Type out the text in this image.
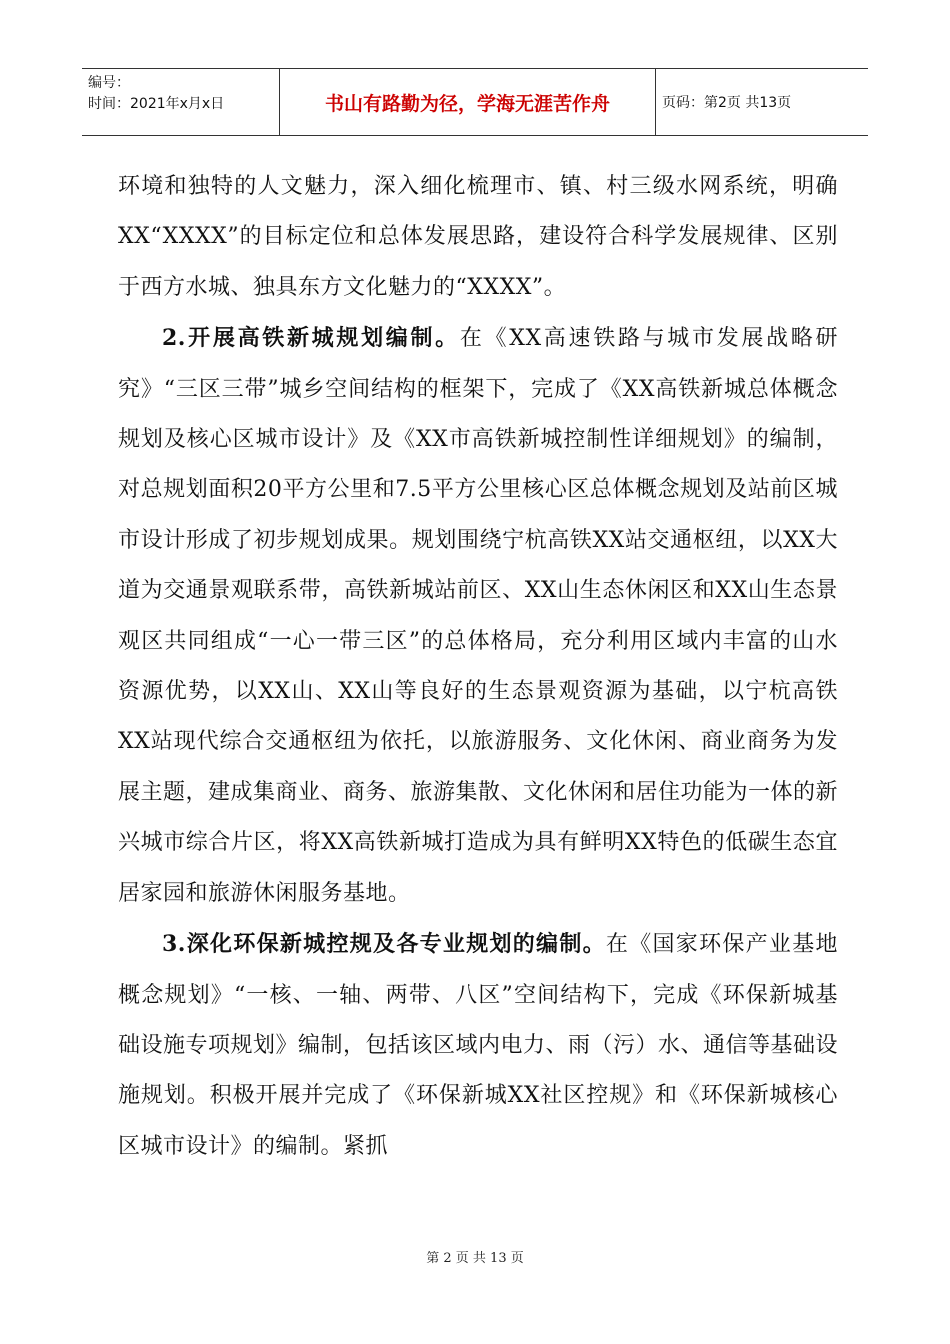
编号：
时间：2021年x月x日	书山有路勤为径，学海无涯苦作舟	页码：第2页 共13页

环境和独特的人文魅力，深入细化梳理市、镇、村三级水网系统，明确XX“XXXX”的目标定位和总体发展思路，建设符合科学发展规律、区别于西方水城、独具东方文化魅力的“XXXX”。

2.开展高铁新城规划编制。在《XX高速铁路与城市发展战略研究》“三区三带”城乡空间结构的框架下，完成了《XX高铁新城总体概念规划及核心区城市设计》及《XX市高铁新城控制性详细规划》的编制，对总规划面积20平方公里和7.5平方公里核心区总体概念规划及站前区城市设计形成了初步规划成果。规划围绕宁杭高铁XX站交通枢纽，以XX大道为交通景观联系带，高铁新城站前区、XX山生态休闲区和XX山生态景观区共同组成“一心一带三区”的总体格局，充分利用区域内丰富的山水资源优势，以XX山、XX山等良好的生态景观资源为基础，以宁杭高铁XX站现代综合交通枢纽为依托，以旅游服务、文化休闲、商业商务为发展主题，建成集商业、商务、旅游集散、文化休闲和居住功能为一体的新兴城市综合片区，将XX高铁新城打造成为具有鲜明XX特色的低碳生态宜居家园和旅游休闲服务基地。

3.深化环保新城控规及各专业规划的编制。在《国家环保产业基地概念规划》“一核、一轴、两带、八区”空间结构下，完成《环保新城基础设施专项规划》编制，包括该区域内电力、雨（污）水、通信等基础设施规划。积极开展并完成了《环保新城XX社区控规》和《环保新城核心区城市设计》的编制。紧抓

第 2 页 共 13 页
